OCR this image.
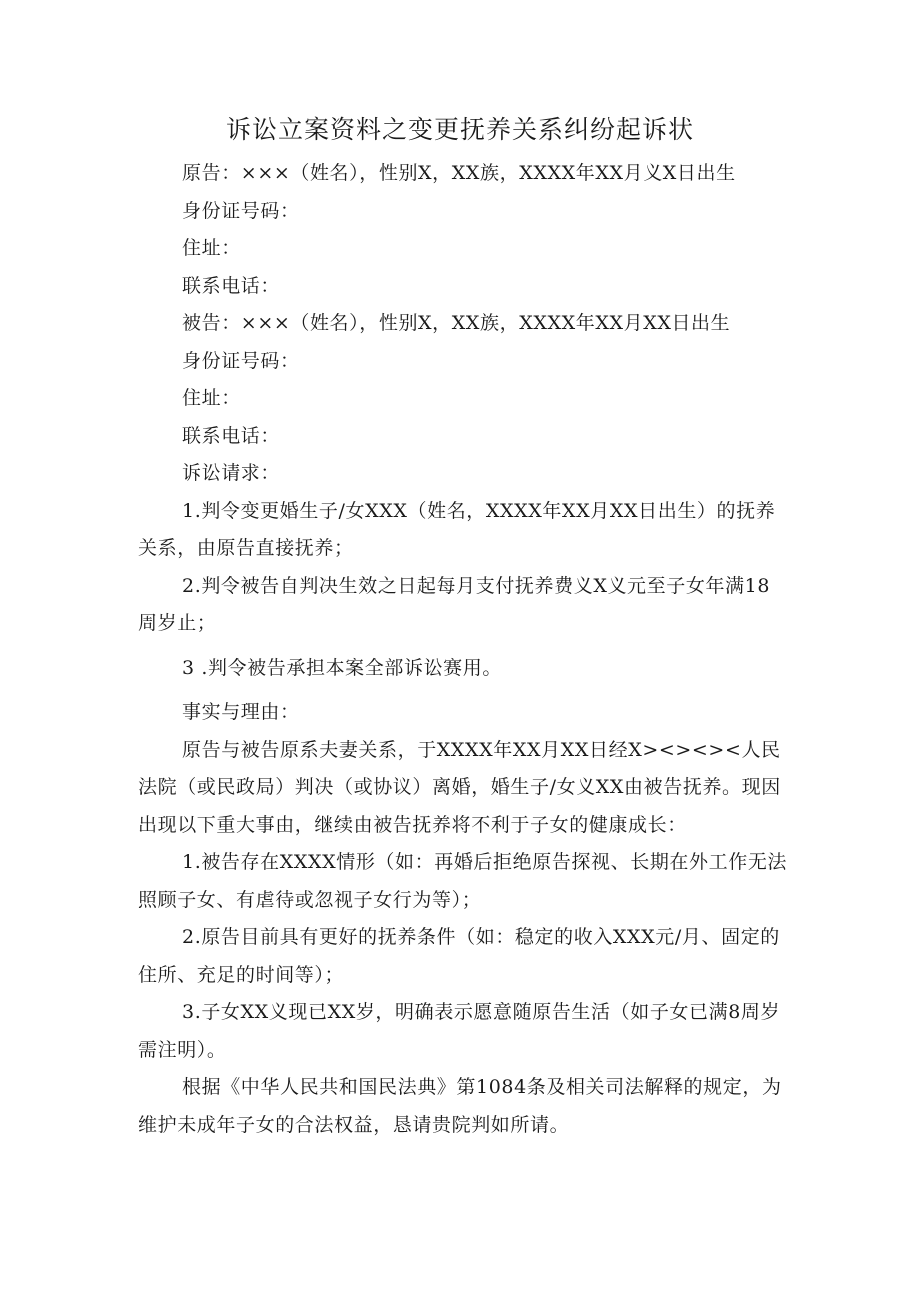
诉讼立案资料之变更抚养关系纠纷起诉状

原告：×××（姓名），性别X，XX族，XXXX年XX月义X日出生

身份证号码：

住址：

联系电话：

被告：×××（姓名），性别X，XX族，XXXX年XX月XX日出生

身份证号码：

住址：

联系电话：

诉讼请求：

1.判令变更婚生子/女XXX（姓名，XXXX年XX月XX日出生）的抚养关系，由原告直接抚养；

2.判令被告自判决生效之日起每月支付抚养费义X义元至子女年满18周岁止；

3 .判令被告承担本案全部诉讼赛用。

事实与理由：

原告与被告原系夫妻关系，于XXXX年XX月XX日经X><><><人民法院（或民政局）判决（或协议）离婚，婚生子/女义XX由被告抚养。现因出现以下重大事由，继续由被告抚养将不利于子女的健康成长：

1.被告存在XXXX情形（如：再婚后拒绝原告探视、长期在外工作无法照顾子女、有虐待或忽视子女行为等）；

2.原告目前具有更好的抚养条件（如：稳定的收入XXX元/月、固定的住所、充足的时间等）；

3.子女XX义现已XX岁，明确表示愿意随原告生活（如子女已满8周岁需注明）。

根据《中华人民共和国民法典》第1084条及相关司法解释的规定，为维护未成年子女的合法权益，恳请贵院判如所请。
